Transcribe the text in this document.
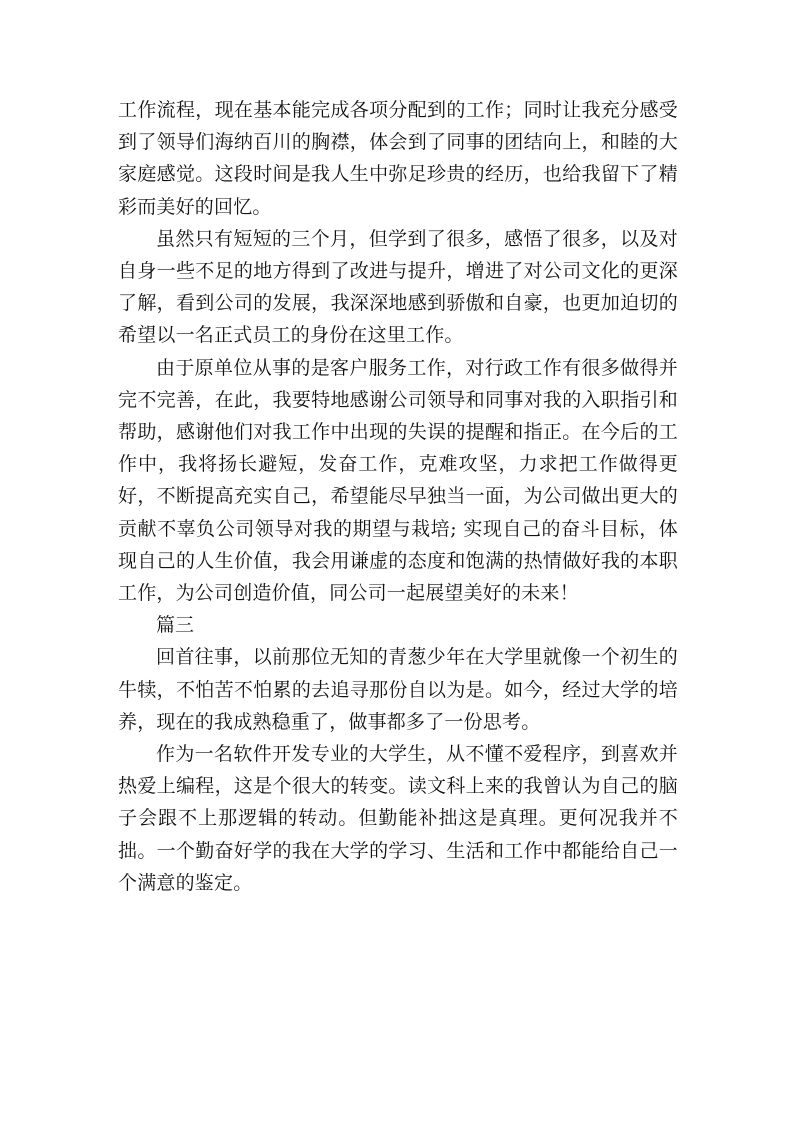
工作流程，现在基本能完成各项分配到的工作；同时让我充分感受到了领导们海纳百川的胸襟，体会到了同事的团结向上，和睦的大家庭感觉。这段时间是我人生中弥足珍贵的经历，也给我留下了精彩而美好的回忆。

虽然只有短短的三个月，但学到了很多，感悟了很多，以及对自身一些不足的地方得到了改进与提升，增进了对公司文化的更深了解，看到公司的发展，我深深地感到骄傲和自豪，也更加迫切的希望以一名正式员工的身份在这里工作。

由于原单位从事的是客户服务工作，对行政工作有很多做得并完不完善，在此，我要特地感谢公司领导和同事对我的入职指引和帮助，感谢他们对我工作中出现的失误的提醒和指正。在今后的工作中，我将扬长避短，发奋工作，克难攻坚，力求把工作做得更好，不断提高充实自己，希望能尽早独当一面，为公司做出更大的贡献不辜负公司领导对我的期望与栽培; 实现自己的奋斗目标，体现自己的人生价值，我会用谦虚的态度和饱满的热情做好我的本职工作，为公司创造价值，同公司一起展望美好的未来！

篇三

回首往事，以前那位无知的青葱少年在大学里就像一个初生的牛犊，不怕苦不怕累的去追寻那份自以为是。如今，经过大学的培养，现在的我成熟稳重了，做事都多了一份思考。

作为一名软件开发专业的大学生，从不懂不爱程序，到喜欢并热爱上编程，这是个很大的转变。读文科上来的我曾认为自己的脑子会跟不上那逻辑的转动。但勤能补拙这是真理。更何况我并不拙。一个勤奋好学的我在大学的学习、生活和工作中都能给自己一个满意的鉴定。
